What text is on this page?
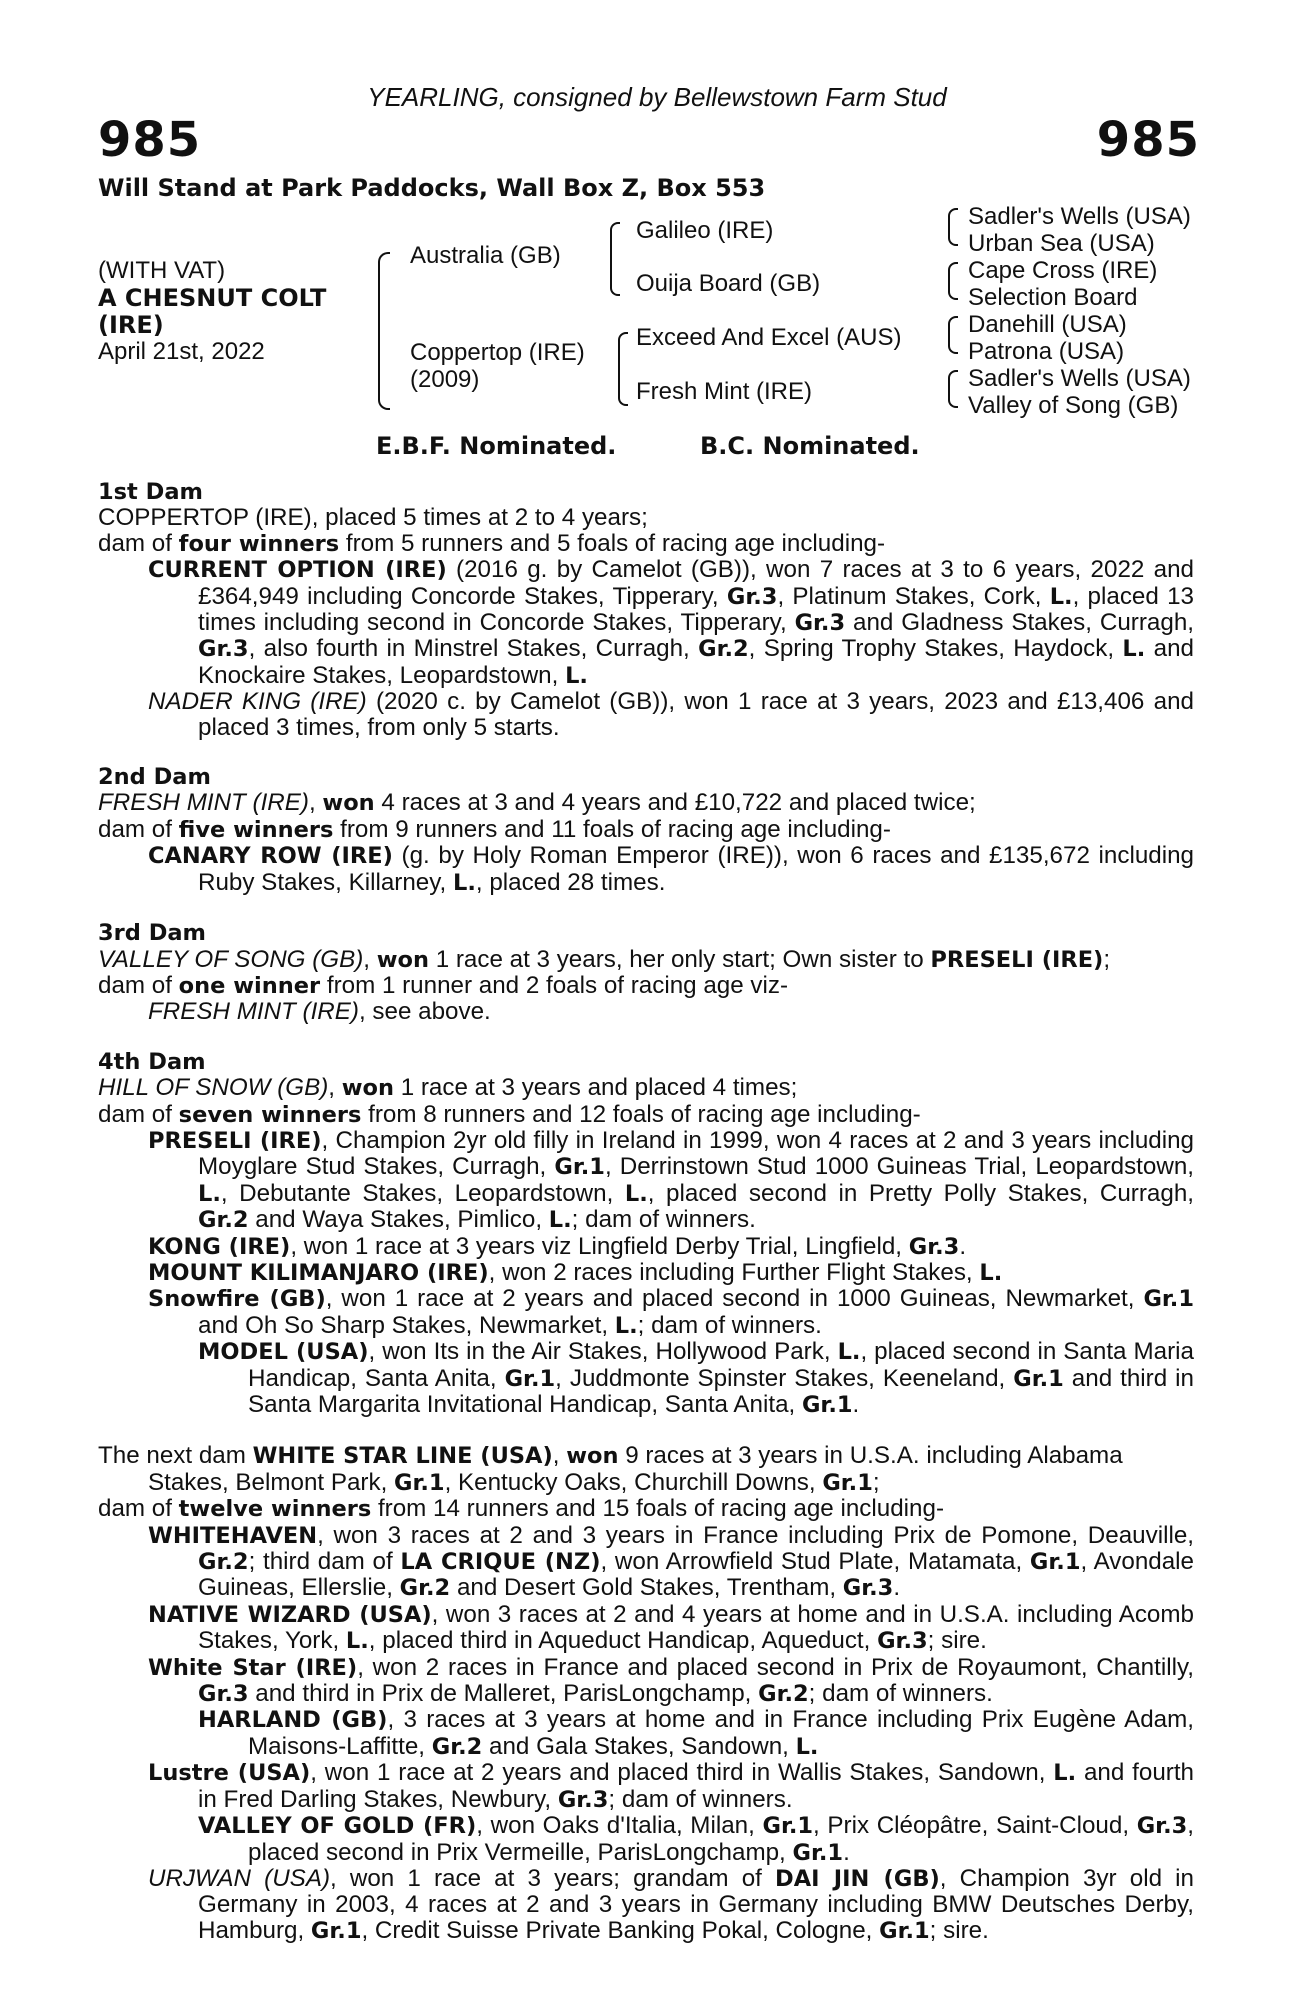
YEARLING, consigned by Bellewstown Farm Stud
985	985
Will Stand at Park Paddocks, Wall Box Z, Box 553
(WITH VAT)
A CHESNUT COLT
(IRE)
April 21st, 2022
Australia (GB)
Coppertop (IRE)
(2009)
Galileo (IRE)
Ouija Board (GB)
Exceed And Excel (AUS)
Fresh Mint (IRE)
Sadler's Wells (USA)
Urban Sea (USA)
Cape Cross (IRE)
Selection Board
Danehill (USA)
Patrona (USA)
Sadler's Wells (USA)
Valley of Song (GB)
E.B.F. Nominated.	B.C. Nominated.
1st Dam
COPPERTOP (IRE), placed 5 times at 2 to 4 years;
dam of four winners from 5 runners and 5 foals of racing age including-
CURRENT OPTION (IRE) (2016 g. by Camelot (GB)), won 7 races at 3 to 6 years, 2022 and £364,949 including Concorde Stakes, Tipperary, Gr.3, Platinum Stakes, Cork, L., placed 13 times including second in Concorde Stakes, Tipperary, Gr.3 and Gladness Stakes, Curragh, Gr.3, also fourth in Minstrel Stakes, Curragh, Gr.2, Spring Trophy Stakes, Haydock, L. and Knockaire Stakes, Leopardstown, L.
NADER KING (IRE) (2020 c. by Camelot (GB)), won 1 race at 3 years, 2023 and £13,406 and placed 3 times, from only 5 starts.
2nd Dam
FRESH MINT (IRE), won 4 races at 3 and 4 years and £10,722 and placed twice;
dam of five winners from 9 runners and 11 foals of racing age including-
CANARY ROW (IRE) (g. by Holy Roman Emperor (IRE)), won 6 races and £135,672 including Ruby Stakes, Killarney, L., placed 28 times.
3rd Dam
VALLEY OF SONG (GB), won 1 race at 3 years, her only start; Own sister to PRESELI (IRE);
dam of one winner from 1 runner and 2 foals of racing age viz-
FRESH MINT (IRE), see above.
4th Dam
HILL OF SNOW (GB), won 1 race at 3 years and placed 4 times;
dam of seven winners from 8 runners and 12 foals of racing age including-
PRESELI (IRE), Champion 2yr old filly in Ireland in 1999, won 4 races at 2 and 3 years including Moyglare Stud Stakes, Curragh, Gr.1, Derrinstown Stud 1000 Guineas Trial, Leopardstown, L., Debutante Stakes, Leopardstown, L., placed second in Pretty Polly Stakes, Curragh, Gr.2 and Waya Stakes, Pimlico, L.; dam of winners.
KONG (IRE), won 1 race at 3 years viz Lingfield Derby Trial, Lingfield, Gr.3.
MOUNT KILIMANJARO (IRE), won 2 races including Further Flight Stakes, L.
Snowfire (GB), won 1 race at 2 years and placed second in 1000 Guineas, Newmarket, Gr.1 and Oh So Sharp Stakes, Newmarket, L.; dam of winners.
MODEL (USA), won Its in the Air Stakes, Hollywood Park, L., placed second in Santa Maria Handicap, Santa Anita, Gr.1, Juddmonte Spinster Stakes, Keeneland, Gr.1 and third in Santa Margarita Invitational Handicap, Santa Anita, Gr.1.
The next dam WHITE STAR LINE (USA), won 9 races at 3 years in U.S.A. including Alabama Stakes, Belmont Park, Gr.1, Kentucky Oaks, Churchill Downs, Gr.1;
dam of twelve winners from 14 runners and 15 foals of racing age including-
WHITEHAVEN, won 3 races at 2 and 3 years in France including Prix de Pomone, Deauville, Gr.2; third dam of LA CRIQUE (NZ), won Arrowfield Stud Plate, Matamata, Gr.1, Avondale Guineas, Ellerslie, Gr.2 and Desert Gold Stakes, Trentham, Gr.3.
NATIVE WIZARD (USA), won 3 races at 2 and 4 years at home and in U.S.A. including Acomb Stakes, York, L., placed third in Aqueduct Handicap, Aqueduct, Gr.3; sire.
White Star (IRE), won 2 races in France and placed second in Prix de Royaumont, Chantilly, Gr.3 and third in Prix de Malleret, ParisLongchamp, Gr.2; dam of winners.
HARLAND (GB), 3 races at 3 years at home and in France including Prix Eugène Adam, Maisons-Laffitte, Gr.2 and Gala Stakes, Sandown, L.
Lustre (USA), won 1 race at 2 years and placed third in Wallis Stakes, Sandown, L. and fourth in Fred Darling Stakes, Newbury, Gr.3; dam of winners.
VALLEY OF GOLD (FR), won Oaks d'Italia, Milan, Gr.1, Prix Cléopâtre, Saint-Cloud, Gr.3, placed second in Prix Vermeille, ParisLongchamp, Gr.1.
URJWAN (USA), won 1 race at 3 years; grandam of DAI JIN (GB), Champion 3yr old in Germany in 2003, 4 races at 2 and 3 years in Germany including BMW Deutsches Derby, Hamburg, Gr.1, Credit Suisse Private Banking Pokal, Cologne, Gr.1; sire.
